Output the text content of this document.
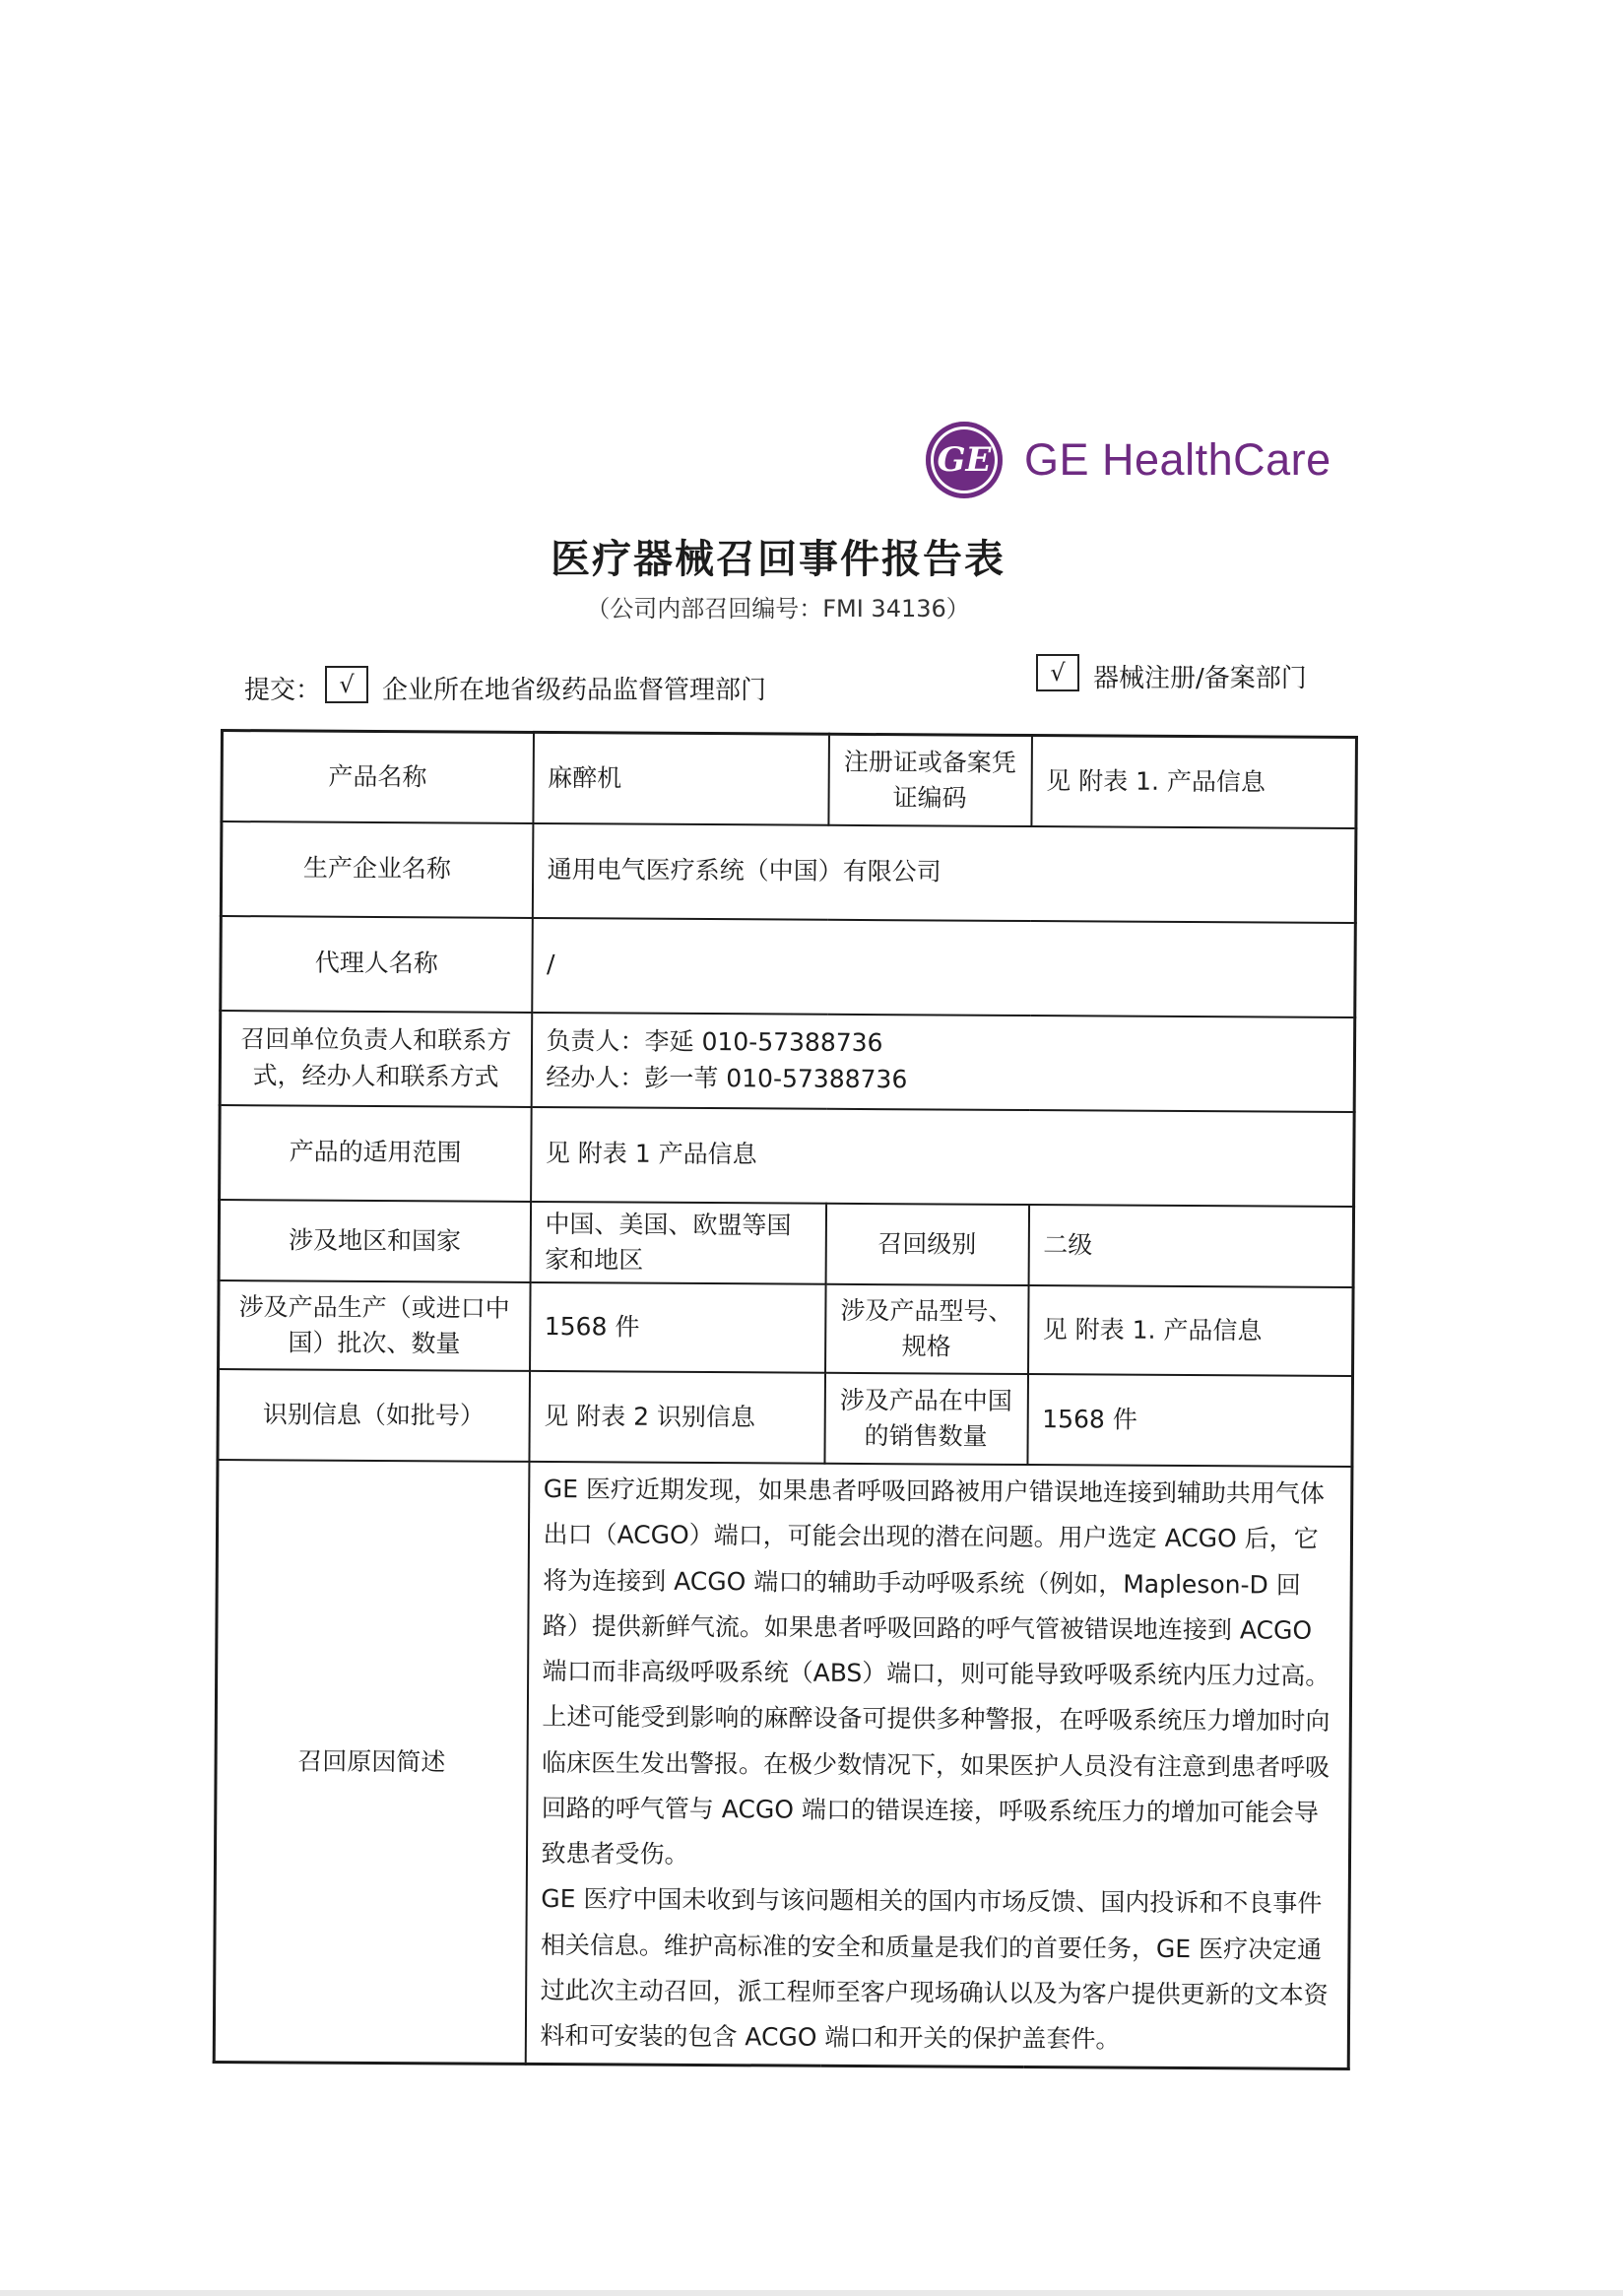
GE GE HealthCare
医疗器械召回事件报告表
（公司内部召回编号：FMI 34136）
提交： √	企业所在地省级药品监督管理部门
√	器械注册/备案部门
产品名称	麻醉机	注册证或备案凭证编码	见 附表 1. 产品信息
生产企业名称	通用电气医疗系统（中国）有限公司		
代理人名称	/		
召回单位负责人和联系方式，经办人和联系方式	负责人：李延 010-57388736
经办人：彭一苇 010-57388736		

产品的适用范围	见 附表 1 产品信息		
涉及地区和国家	中国、美国、欧盟等国家和地区	召回级别	二级
涉及产品生产（或进口中国）批次、数量	1568 件	涉及产品型号、规格	见 附表 1. 产品信息
识别信息（如批号）	见 附表 2 识别信息	涉及产品在中国的销售数量	1568 件
召回原因简述	GE 医疗近期发现，如果患者呼吸回路被用户错误地连接到辅助共用气体出口（ACGO）端口，可能会出现的潜在问题。用户选定 ACGO 后，它将为连接到 ACGO 端口的辅助手动呼吸系统（例如，Mapleson-D 回路）提供新鲜气流。如果患者呼吸回路的呼气管被错误地连接到 ACGO 端口而非高级呼吸系统（ABS）端口，则可能导致呼吸系统内压力过高。上述可能受到影响的麻醉设备可提供多种警报，在呼吸系统压力增加时向临床医生发出警报。在极少数情况下，如果医护人员没有注意到患者呼吸回路的呼气管与 ACGO 端口的错误连接，呼吸系统压力的增加可能会导致患者受伤。

GE 医疗中国未收到与该问题相关的国内市场反馈、国内投诉和不良事件相关信息。维护高标准的安全和质量是我们的首要任务，GE 医疗决定通过此次主动召回，派工程师至客户现场确认以及为客户提供更新的文本资料和可安装的包含 ACGO 端口和开关的保护盖套件。		
